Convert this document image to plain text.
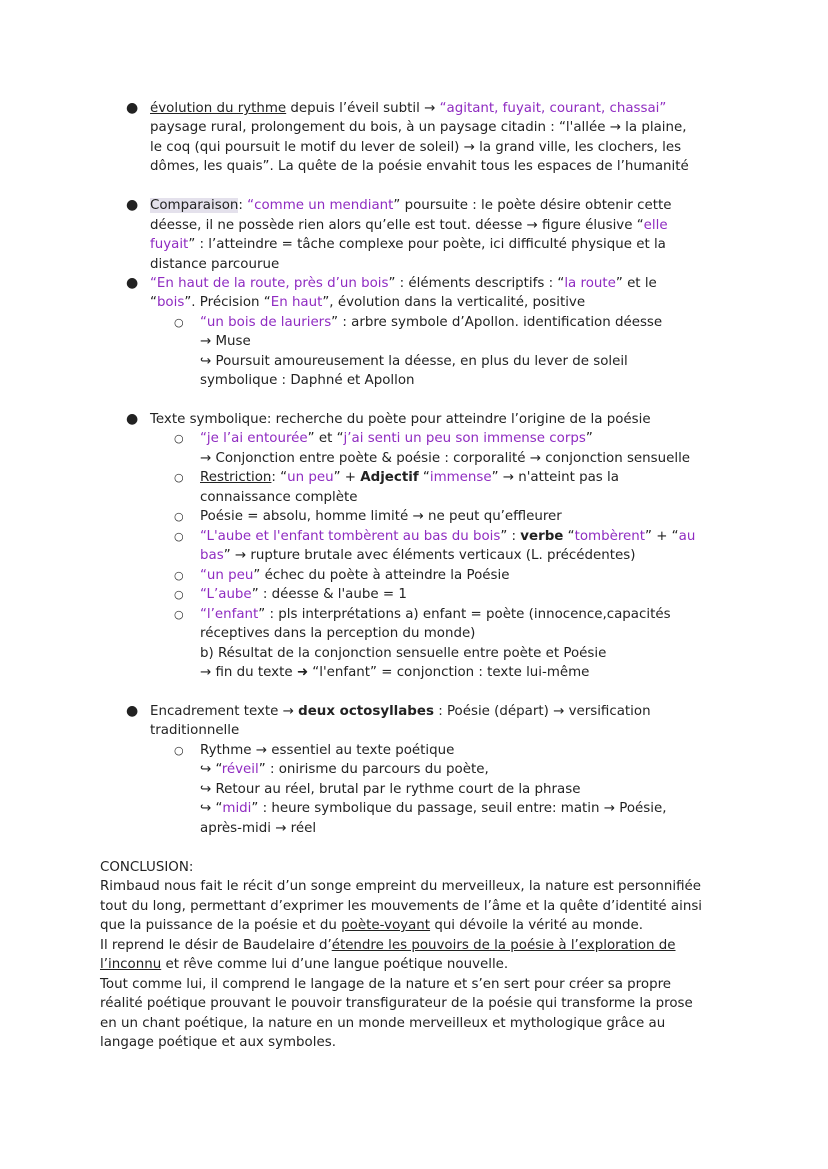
● évolution du rythme depuis l’éveil subtil → “agitant, fuyait, courant, chassai”
paysage rural, prolongement du bois, à un paysage citadin : “l'allée → la plaine,
le coq (qui poursuit le motif du lever de soleil) → la grand ville, les clochers, les
dômes, les quais”. La quête de la poésie envahit tous les espaces de l’humanité
● Comparaison: “comme un mendiant” poursuite : le poète désire obtenir cette
déesse, il ne possède rien alors qu’elle est tout. déesse → figure élusive “elle
fuyait” : l’atteindre = tâche complexe pour poète, ici difficulté physique et la
distance parcourue
● “En haut de la route, près d’un bois” : éléments descriptifs : “la route” et le
“bois”. Précision “En haut”, évolution dans la verticalité, positive
○ “un bois de lauriers” : arbre symbole d’Apollon. identification déesse
→ Muse
↪ Poursuit amoureusement la déesse, en plus du lever de soleil
symbolique : Daphné et Apollon
● Texte symbolique: recherche du poète pour atteindre l’origine de la poésie
○ “je l’ai entourée” et “j’ai senti un peu son immense corps”
→ Conjonction entre poète & poésie : corporalité → conjonction sensuelle
○ Restriction: “un peu” + Adjectif “immense” → n'atteint pas la
connaissance complète
○ Poésie = absolu, homme limité → ne peut qu’effleurer
○ “L'aube et l'enfant tombèrent au bas du bois” : verbe “tombèrent” + “au
bas” → rupture brutale avec éléments verticaux (L. précédentes)
○ “un peu” échec du poète à atteindre la Poésie
○ “L’aube” : déesse & l'aube = 1
○ “l’enfant” : pls interprétations a) enfant = poète (innocence,capacités
réceptives dans la perception du monde)
b) Résultat de la conjonction sensuelle entre poète et Poésie
→ fin du texte ➜ “l'enfant” = conjonction : texte lui-même
● Encadrement texte → deux octosyllabes : Poésie (départ) → versification
traditionnelle
○ Rythme → essentiel au texte poétique
↪ “réveil” : onirisme du parcours du poète,
↪ Retour au réel, brutal par le rythme court de la phrase
↪ “midi” : heure symbolique du passage, seuil entre: matin → Poésie,
après-midi → réel
CONCLUSION:
Rimbaud nous fait le récit d’un songe empreint du merveilleux, la nature est personnifiée
tout du long, permettant d’exprimer les mouvements de l’âme et la quête d’identité ainsi
que la puissance de la poésie et du poète-voyant qui dévoile la vérité au monde.
Il reprend le désir de Baudelaire d’étendre les pouvoirs de la poésie à l’exploration de
l’inconnu et rêve comme lui d’une langue poétique nouvelle.
Tout comme lui, il comprend le langage de la nature et s’en sert pour créer sa propre
réalité poétique prouvant le pouvoir transfigurateur de la poésie qui transforme la prose
en un chant poétique, la nature en un monde merveilleux et mythologique grâce au
langage poétique et aux symboles.
